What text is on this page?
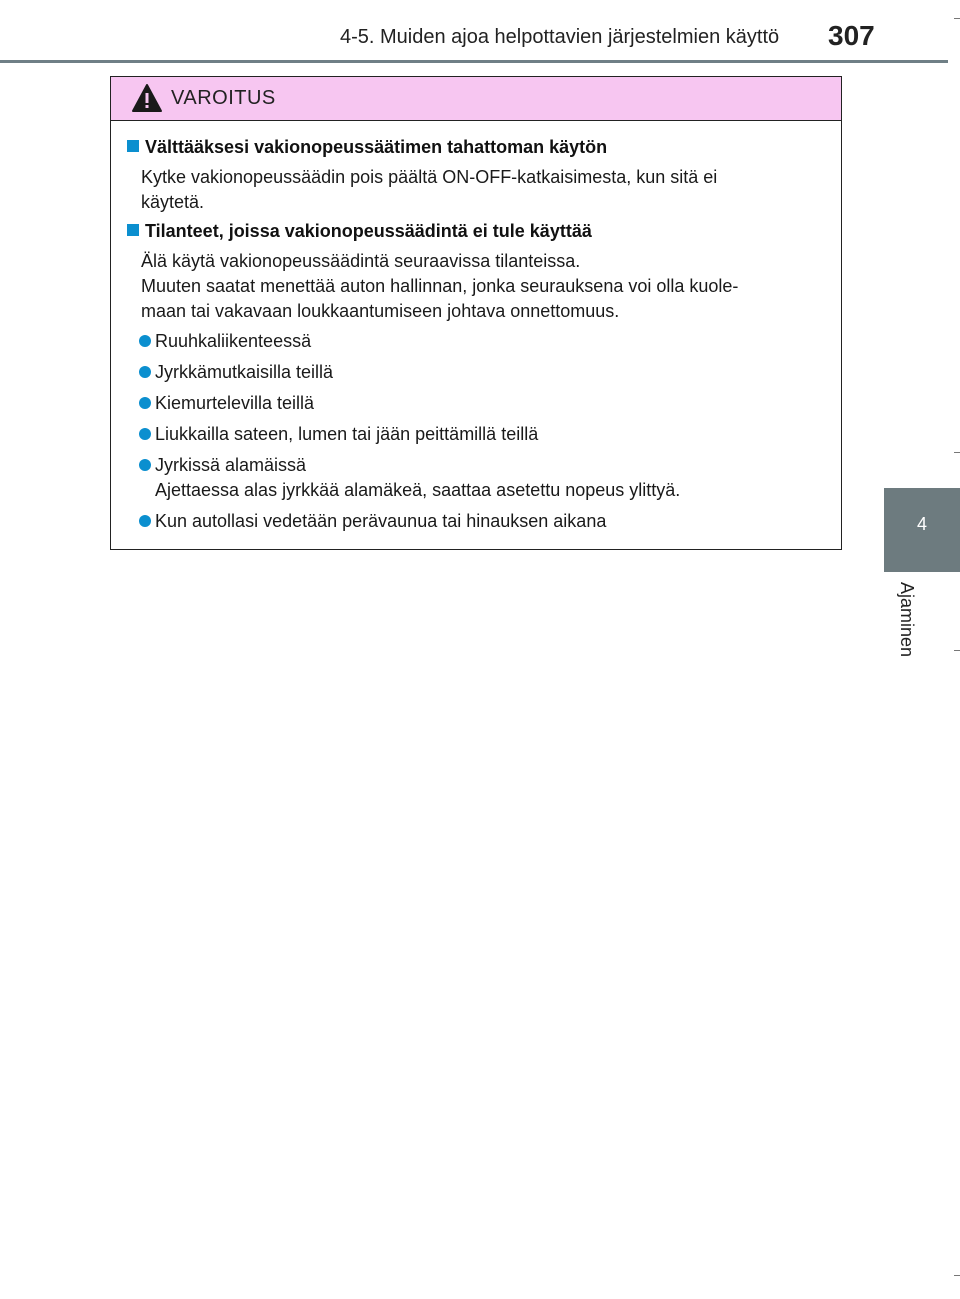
4-5. Muiden ajoa helpottavien järjestelmien käyttö 307
4
Ajaminen
VAROITUS
Välttääksesi vakionopeussäätimen tahattoman käytön
Kytke vakionopeussäädin pois päältä ON-OFF-katkaisimesta, kun sitä ei
käytetä.
Tilanteet, joissa vakionopeussäädintä ei tule käyttää
Älä käytä vakionopeussäädintä seuraavissa tilanteissa.
Muuten saatat menettää auton hallinnan, jonka seurauksena voi olla kuole-
maan tai vakavaan loukkaantumiseen johtava onnettomuus.
Ruuhkaliikenteessä
Jyrkkämutkaisilla teillä
Kiemurtelevilla teillä
Liukkailla sateen, lumen tai jään peittämillä teillä
Jyrkissä alamäissä
Ajettaessa alas jyrkkää alamäkeä, saattaa asetettu nopeus ylittyä.
Kun autollasi vedetään perävaunua tai hinauksen aikana
